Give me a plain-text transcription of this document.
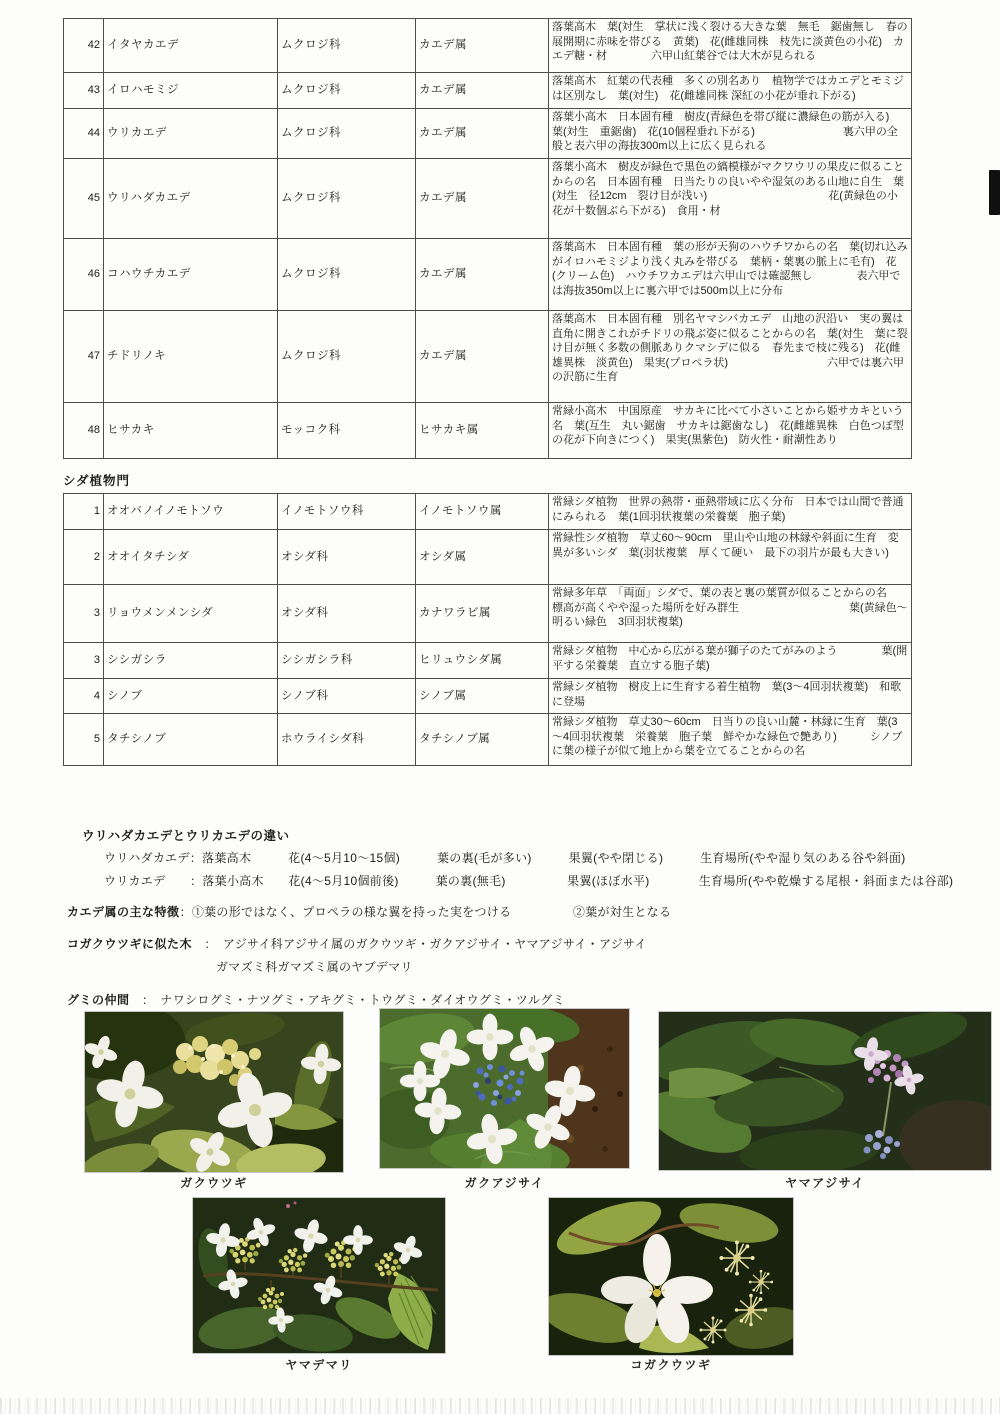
42	イタヤカエデ	ムクロジ科	カエデ属	落葉高木　葉(対生　掌状に浅く裂ける大きな葉　無毛　鋸歯無し　春の展開期に赤味を帯びる　黄葉)　花(雌雄同株　枝先に淡黄色の小花)　カエデ糖・材　　　　六甲山紅葉谷では大木が見られる
43	イロハモミジ	ムクロジ科	カエデ属	落葉高木　紅葉の代表種　多くの別名あり　植物学ではカエデとモミジは区別なし　葉(対生)　花(雌雄同株 深紅の小花が垂れ下がる)
44	ウリカエデ	ムクロジ科	カエデ属	落葉小高木　日本固有種　樹皮(青緑色を帯び縦に濃緑色の筋が入る)　葉(対生　重鋸歯)　花(10個程垂れ下がる)　　　　　　　　裏六甲の全般と表六甲の海抜300m以上に広く見られる
45	ウリハダカエデ	ムクロジ科	カエデ属	落葉小高木　樹皮が緑色で黒色の縞模様がマクワウリの果皮に似ることからの名　日本固有種　日当たりの良いやや湿気のある山地に自生　葉(対生　径12cm　裂け目が浅い)　　　　　　　　　　　花(黄緑色の小花が十数個ぶら下がる)　食用・材
46	コハウチカエデ	ムクロジ科	カエデ属	落葉高木　日本固有種　葉の形が天狗のハウチワからの名　葉(切れ込みがイロハモミジより浅く丸みを帯びる　葉柄・葉裏の脈上に毛有)　花(クリーム色)　ハウチワカエデは六甲山では確認無し　　　　表六甲では海抜350m以上に裏六甲では500m以上に分布
47	チドリノキ	ムクロジ科	カエデ属	落葉高木　日本固有種　別名ヤマシバカエデ　山地の沢沿い　実の翼は直角に開きこれがチドリの飛ぶ姿に似ることからの名　葉(対生　葉に裂け目が無く多数の側脈ありクマシデに似る　春先まで枝に残る)　花(雌雄異株　淡黄色)　果実(プロペラ状)　　　　　　　　　六甲では裏六甲の沢筋に生育
48	ヒサカキ	モッコク科	ヒサカキ属	常緑小高木　中国原産　サカキに比べて小さいことから姫サカキという名　葉(互生　丸い鋸歯　サカキは鋸歯なし)　花(雌雄異株　白色つぼ型の花が下向きにつく)　果実(黒紫色)　防火性・耐潮性あり
シダ植物門
1	オオバノイノモトソウ	イノモトソウ科	イノモトソウ属	常緑シダ植物　世界の熱帯・亜熱帯域に広く分布　日本では山間で普通にみられる　葉(1回羽状複葉の栄養葉　胞子葉)
2	オオイタチシダ	オシダ科	オシダ属	常緑性シダ植物　草丈60～90cm　里山や山地の林縁や斜面に生育　変異が多いシダ　葉(羽状複葉　厚くて硬い　最下の羽片が最も大きい)
3	リョウメンメンシダ	オシダ科	カナワラビ属	常緑多年草　「両面」シダで、葉の表と裏の葉質が似ることからの名　標高が高くやや湿った場所を好み群生　　　　　　　　　　葉(黄緑色～明るい緑色　3回羽状複葉)
3	シシガシラ	シシガシラ科	ヒリュウシダ属	常緑シダ植物　中心から広がる葉が獅子のたてがみのよう　　　　葉(開平する栄養葉　直立する胞子葉)
4	シノブ	シノブ科	シノブ属	常緑シダ植物　樹皮上に生育する着生植物　葉(3～4回羽状複葉)　和歌に登場
5	タチシノブ	ホウライシダ科	タチシノブ属	常緑シダ植物　草丈30～60cm　日当りの良い山麓・林縁に生育　葉(3～4回羽状複葉　栄養葉　胞子葉　鮮やかな緑色で艶あり)　　　シノブに葉の様子が似て地上から葉を立てることからの名
ウリハダカエデとウリカエデの違い
ウリハダカエデ：落葉高木　　　花(4～5月10～15個)　　　葉の裏(毛が多い)　　　果翼(やや閉じる)　　　生育場所(やや湿り気のある谷や斜面)
ウリカエデ　　：落葉小高木　　花(4～5月10個前後)　　　葉の裏(無毛)　　　　　果翼(ほぼ水平)　　　　生育場所(やや乾燥する尾根・斜面または谷部)
カエデ属の主な特徴：①葉の形ではなく、プロペラの様な翼を持った実をつける　　　　　②葉が対生となる
コガクウツギに似た木　：　アジサイ科アジサイ属のガクウツギ・ガクアジサイ・ヤマアジサイ・アジサイ
ガマズミ科ガマズミ属のヤブデマリ
グミの仲間　：　ナワシログミ・ナツグミ・アキグミ・トウグミ・ダイオウグミ・ツルグミ
ガクウツギ	ガクアジサイ	ヤマアジサイ
ヤマデマリ	コガクウツギ
